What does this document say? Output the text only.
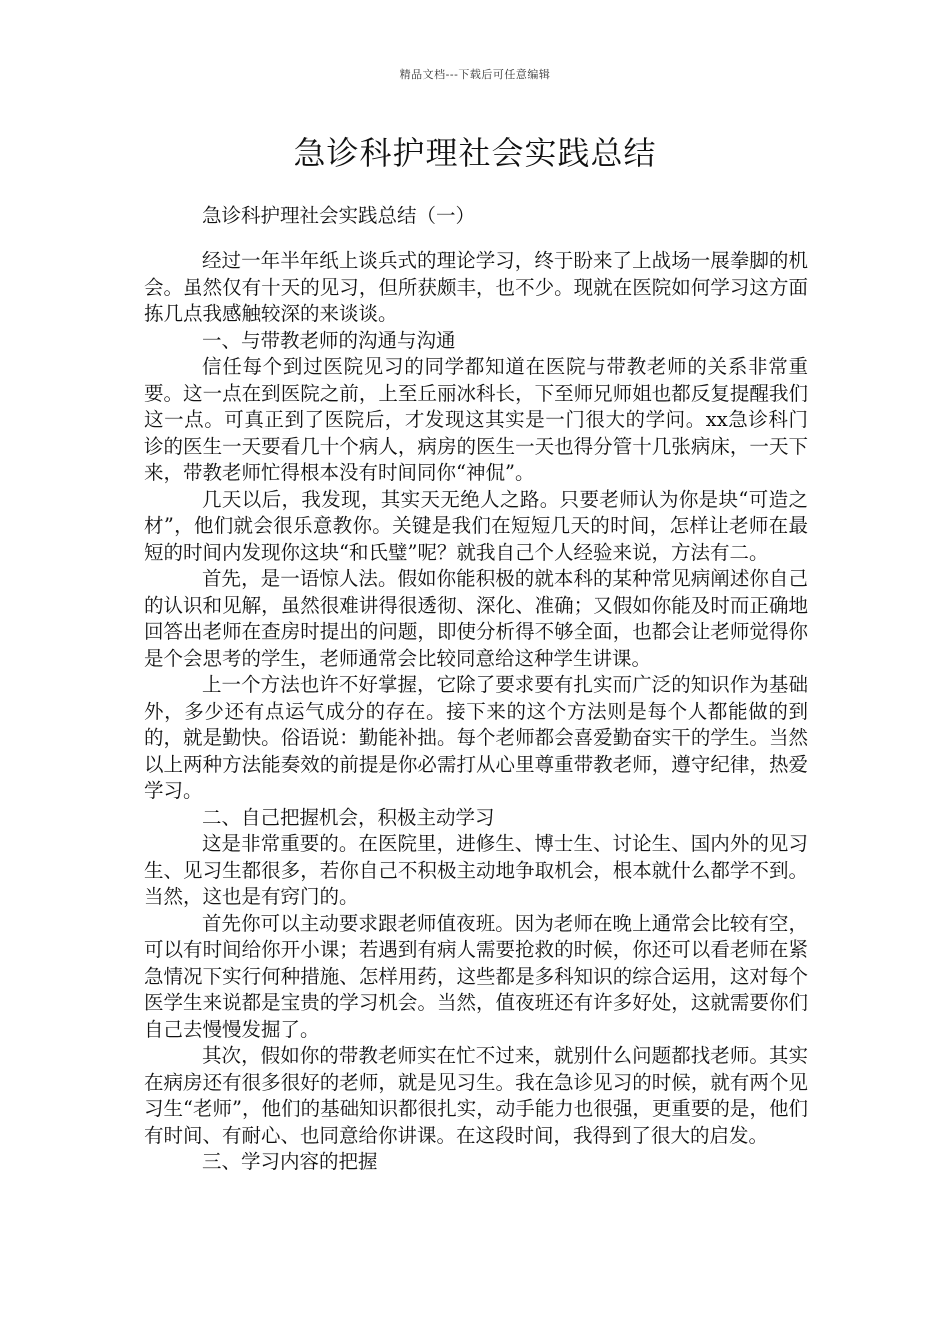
精品文档---下载后可任意编辑
急诊科护理社会实践总结
急诊科护理社会实践总结（一）

经过一年半年纸上谈兵式的理论学习，终于盼来了上战场一展拳脚的机会。虽然仅有十天的见习，但所获颇丰，也不少。现就在医院如何学习这方面拣几点我感触较深的来谈谈。

一、与带教老师的沟通与沟通

信任每个到过医院见习的同学都知道在医院与带教老师的关系非常重要。这一点在到医院之前，上至丘丽冰科长，下至师兄师姐也都反复提醒我们这一点。可真正到了医院后，才发现这其实是一门很大的学问。xx急诊科门诊的医生一天要看几十个病人，病房的医生一天也得分管十几张病床，一天下来，带教老师忙得根本没有时间同你“神侃”。

几天以后，我发现，其实天无绝人之路。只要老师认为你是块“可造之材”，他们就会很乐意教你。关键是我们在短短几天的时间，怎样让老师在最短的时间内发现你这块“和氏璧”呢？就我自己个人经验来说，方法有二。

首先，是一语惊人法。假如你能积极的就本科的某种常见病阐述你自己的认识和见解，虽然很难讲得很透彻、深化、准确；又假如你能及时而正确地回答出老师在查房时提出的问题，即使分析得不够全面，也都会让老师觉得你是个会思考的学生，老师通常会比较同意给这种学生讲课。

上一个方法也许不好掌握，它除了要求要有扎实而广泛的知识作为基础外，多少还有点运气成分的存在。接下来的这个方法则是每个人都能做的到的，就是勤快。俗语说：勤能补拙。每个老师都会喜爱勤奋实干的学生。当然以上两种方法能奏效的前提是你必需打从心里尊重带教老师，遵守纪律，热爱学习。

二、自己把握机会，积极主动学习

这是非常重要的。在医院里，进修生、博士生、讨论生、国内外的见习生、见习生都很多，若你自己不积极主动地争取机会，根本就什么都学不到。当然，这也是有窍门的。

首先你可以主动要求跟老师值夜班。因为老师在晚上通常会比较有空，可以有时间给你开小课；若遇到有病人需要抢救的时候，你还可以看老师在紧急情况下实行何种措施、怎样用药，这些都是多科知识的综合运用，这对每个医学生来说都是宝贵的学习机会。当然，值夜班还有许多好处，这就需要你们自己去慢慢发掘了。

其次，假如你的带教老师实在忙不过来，就别什么问题都找老师。其实在病房还有很多很好的老师，就是见习生。我在急诊见习的时候，就有两个见习生“老师”，他们的基础知识都很扎实，动手能力也很强，更重要的是，他们有时间、有耐心、也同意给你讲课。在这段时间，我得到了很大的启发。

三、学习内容的把握
